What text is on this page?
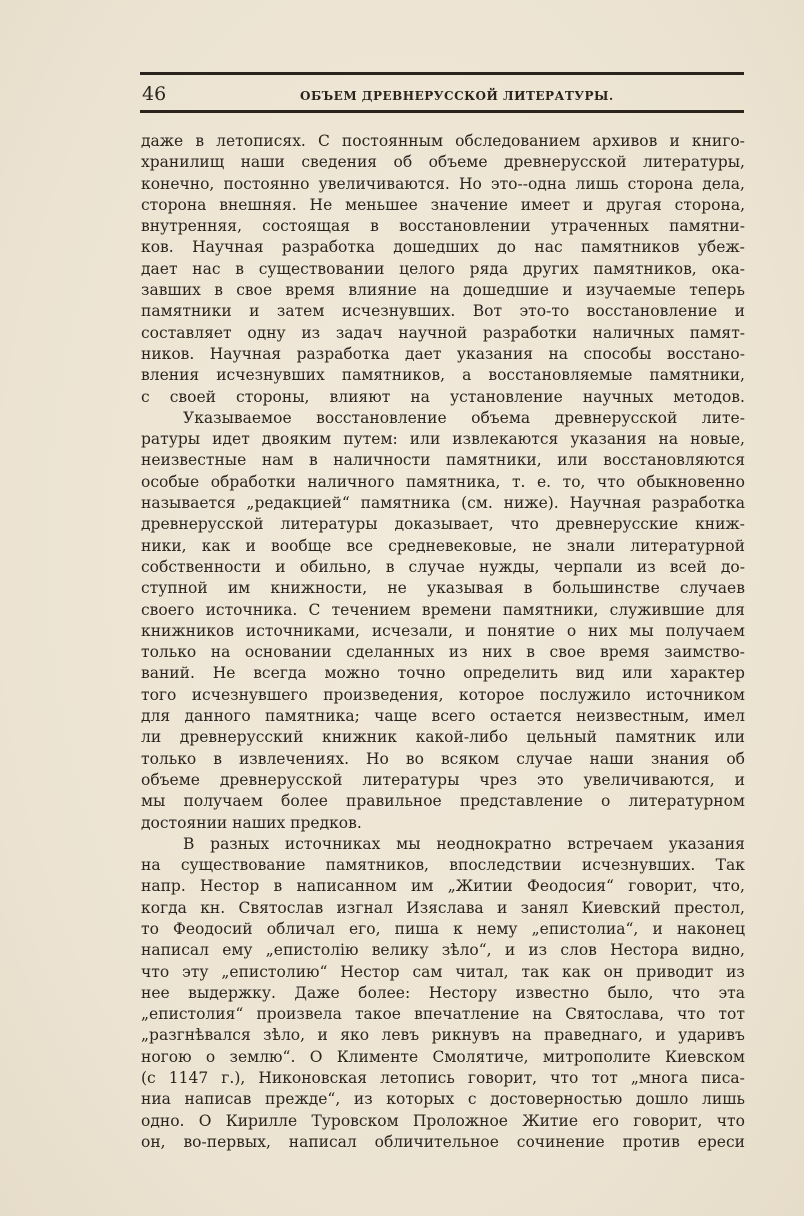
46	ОБЪЕМ ДРЕВНЕРУССКОЙ ЛИТЕРАТУРЫ.
даже в летописях. С постоянным обследованием архивов и книго-
хранилищ наши сведения об объеме древнерусской литературы,
конечно, постоянно увеличиваются. Но это--одна лишь сторона дела,
сторона внешняя. Не меньшее значение имеет и другая сторона,
внутренняя, состоящая в восстановлении утраченных памятни-
ков. Научная разработка дошедших до нас памятников убеж-
дает нас в существовании целого ряда других памятников, ока-
завших в свое время влияние на дошедшие и изучаемые теперь
памятники и затем исчезнувших. Вот это-то восстановление и
составляет одну из задач научной разработки наличных памят-
ников. Научная разработка дает указания на способы восстано-
вления исчезнувших памятников, а восстановляемые памятники,
с своей стороны, влияют на установление научных методов.
Указываемое восстановление объема древнерусской лите-
ратуры идет двояким путем: или извлекаются указания на новые,
неизвестные нам в наличности памятники, или восстановляются
особые обработки наличного памятника, т. е. то, что обыкновенно
называется „редакцией“ памятника (см. ниже). Научная разработка
древнерусской литературы доказывает, что древнерусские книж-
ники, как и вообще все средневековые, не знали литературной
собственности и обильно, в случае нужды, черпали из всей до-
ступной им книжности, не указывая в большинстве случаев
своего источника. С течением времени памятники, служившие для
книжников источниками, исчезали, и понятие о них мы получаем
только на основании сделанных из них в свое время заимство-
ваний. Не всегда можно точно определить вид или характер
того исчезнувшего произведения, которое послужило источником
для данного памятника; чаще всего остается неизвестным, имел
ли древнерусский книжник какой-либо цельный памятник или
только в извлечениях. Но во всяком случае наши знания об
объеме древнерусской литературы чрез это увеличиваются, и
мы получаем более правильное представление о литературном
достоянии наших предков.
В разных источниках мы неоднократно встречаем указания
на существование памятников, впоследствии исчезнувших. Так
напр. Нестор в написанном им „Житии Феодосия“ говорит, что,
когда кн. Святослав изгнал Изяслава и занял Киевский престол,
то Феодосий обличал его, пиша к нему „епистолиа“, и наконец
написал ему „епистолію велику зѣло“, и из слов Нестора видно,
что эту „епистолию“ Нестор сам читал, так как он приводит из
нее выдержку. Даже более: Нестору известно было, что эта
„епистолия“ произвела такое впечатление на Святослава, что тот
„разгнѣвался зѣло, и яко левъ рикнувъ на праведнаго, и ударивъ
ногою о землю“. О Клименте Смолятиче, митрополите Киевском
(с 1147 г.), Никоновская летопись говорит, что тот „многа писа-
ниа написав прежде“, из которых с достоверностью дошло лишь
одно. О Кирилле Туровском Проложное Житие его говорит, что
он, во-первых, написал обличительное сочинение против ереси
